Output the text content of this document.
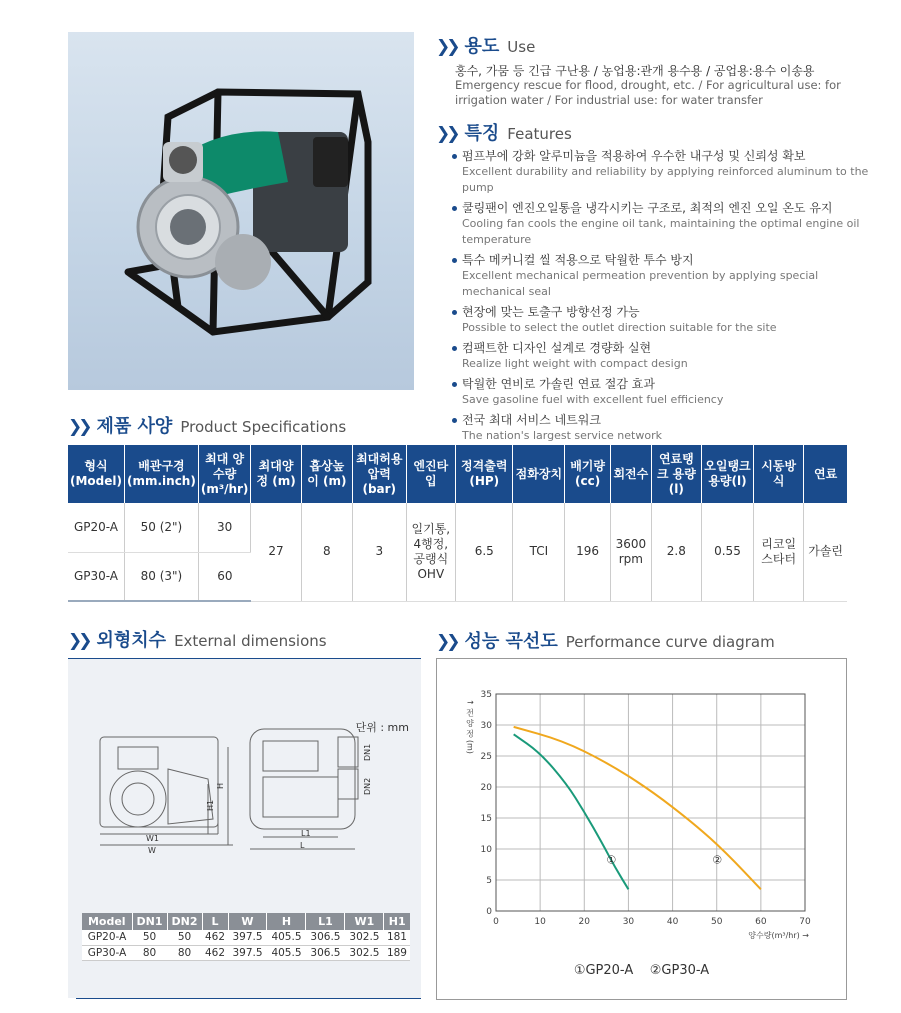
❯❯ 용도 Use
홍수, 가뭄 등 긴급 구난용 / 농업용:관개 용수용 / 공업용:용수 이송용
Emergency rescue for flood, drought, etc. / For agricultural use: for irrigation water / For industrial use: for water transfer
❯❯ 특징 Features
펌프부에 강화 알루미늄을 적용하여 우수한 내구성 및 신뢰성 확보
Excellent durability and reliability by applying reinforced aluminum to the pump
쿨링팬이 엔진오일통을 냉각시키는 구조로, 최적의 엔진 오일 온도 유지
Cooling fan cools the engine oil tank, maintaining the optimal engine oil temperature
특수 메커니컬 씰 적용으로 탁월한 투수 방지
Excellent mechanical permeation prevention by applying special mechanical seal
현장에 맞는 토출구 방향선정 가능
Possible to select the outlet direction suitable for the site
컴팩트한 디자인 설계로 경량화 실현
Realize light weight with compact design
탁월한 연비로 가솔린 연료 절감 효과
Save gasoline fuel with excellent fuel efficiency
전국 최대 서비스 네트워크
The nation's largest service network
❯❯ 제품 사양 Product Specifications
형식 (Model)	배관구경 (mm.inch)	최대 양수량 (m³/hr)	최대양정 (m)	흡상높이 (m)	최대허용 압력(bar)	엔진타입	정격출력 (HP)	점화장치	배기량 (cc)	회전수	연료탱크 용량(l)	오일탱크 용량(l)	시동방식	연료
GP20-A	50 (2")	30	27	8	3	일기통, 4행정, 공랭식 OHV	6.5	TCI	196	3600 rpm	2.8	0.55	리코일 스타터	가솔린
GP30-A	80 (3")	60												
❯❯ 외형치수 External dimensions
단위 : mm
W1
W
H
H1
L1
L
DN1
DN2
Model	DN1	DN2	L	W	H	L1	W1	H1
GP20-A	50	50	462	397.5	405.5	306.5	302.5	181
GP30-A	80	80	462	397.5	405.5	306.5	302.5	189
❯❯ 성능 곡선도 Performance curve diagram
0	10	20	30	40	50	60	70
0
5
10
15
20
25
30
35
양수량(m³/hr) →
↑ 전 양 정 (m)
①	②
①GP20-A    ②GP30-A
